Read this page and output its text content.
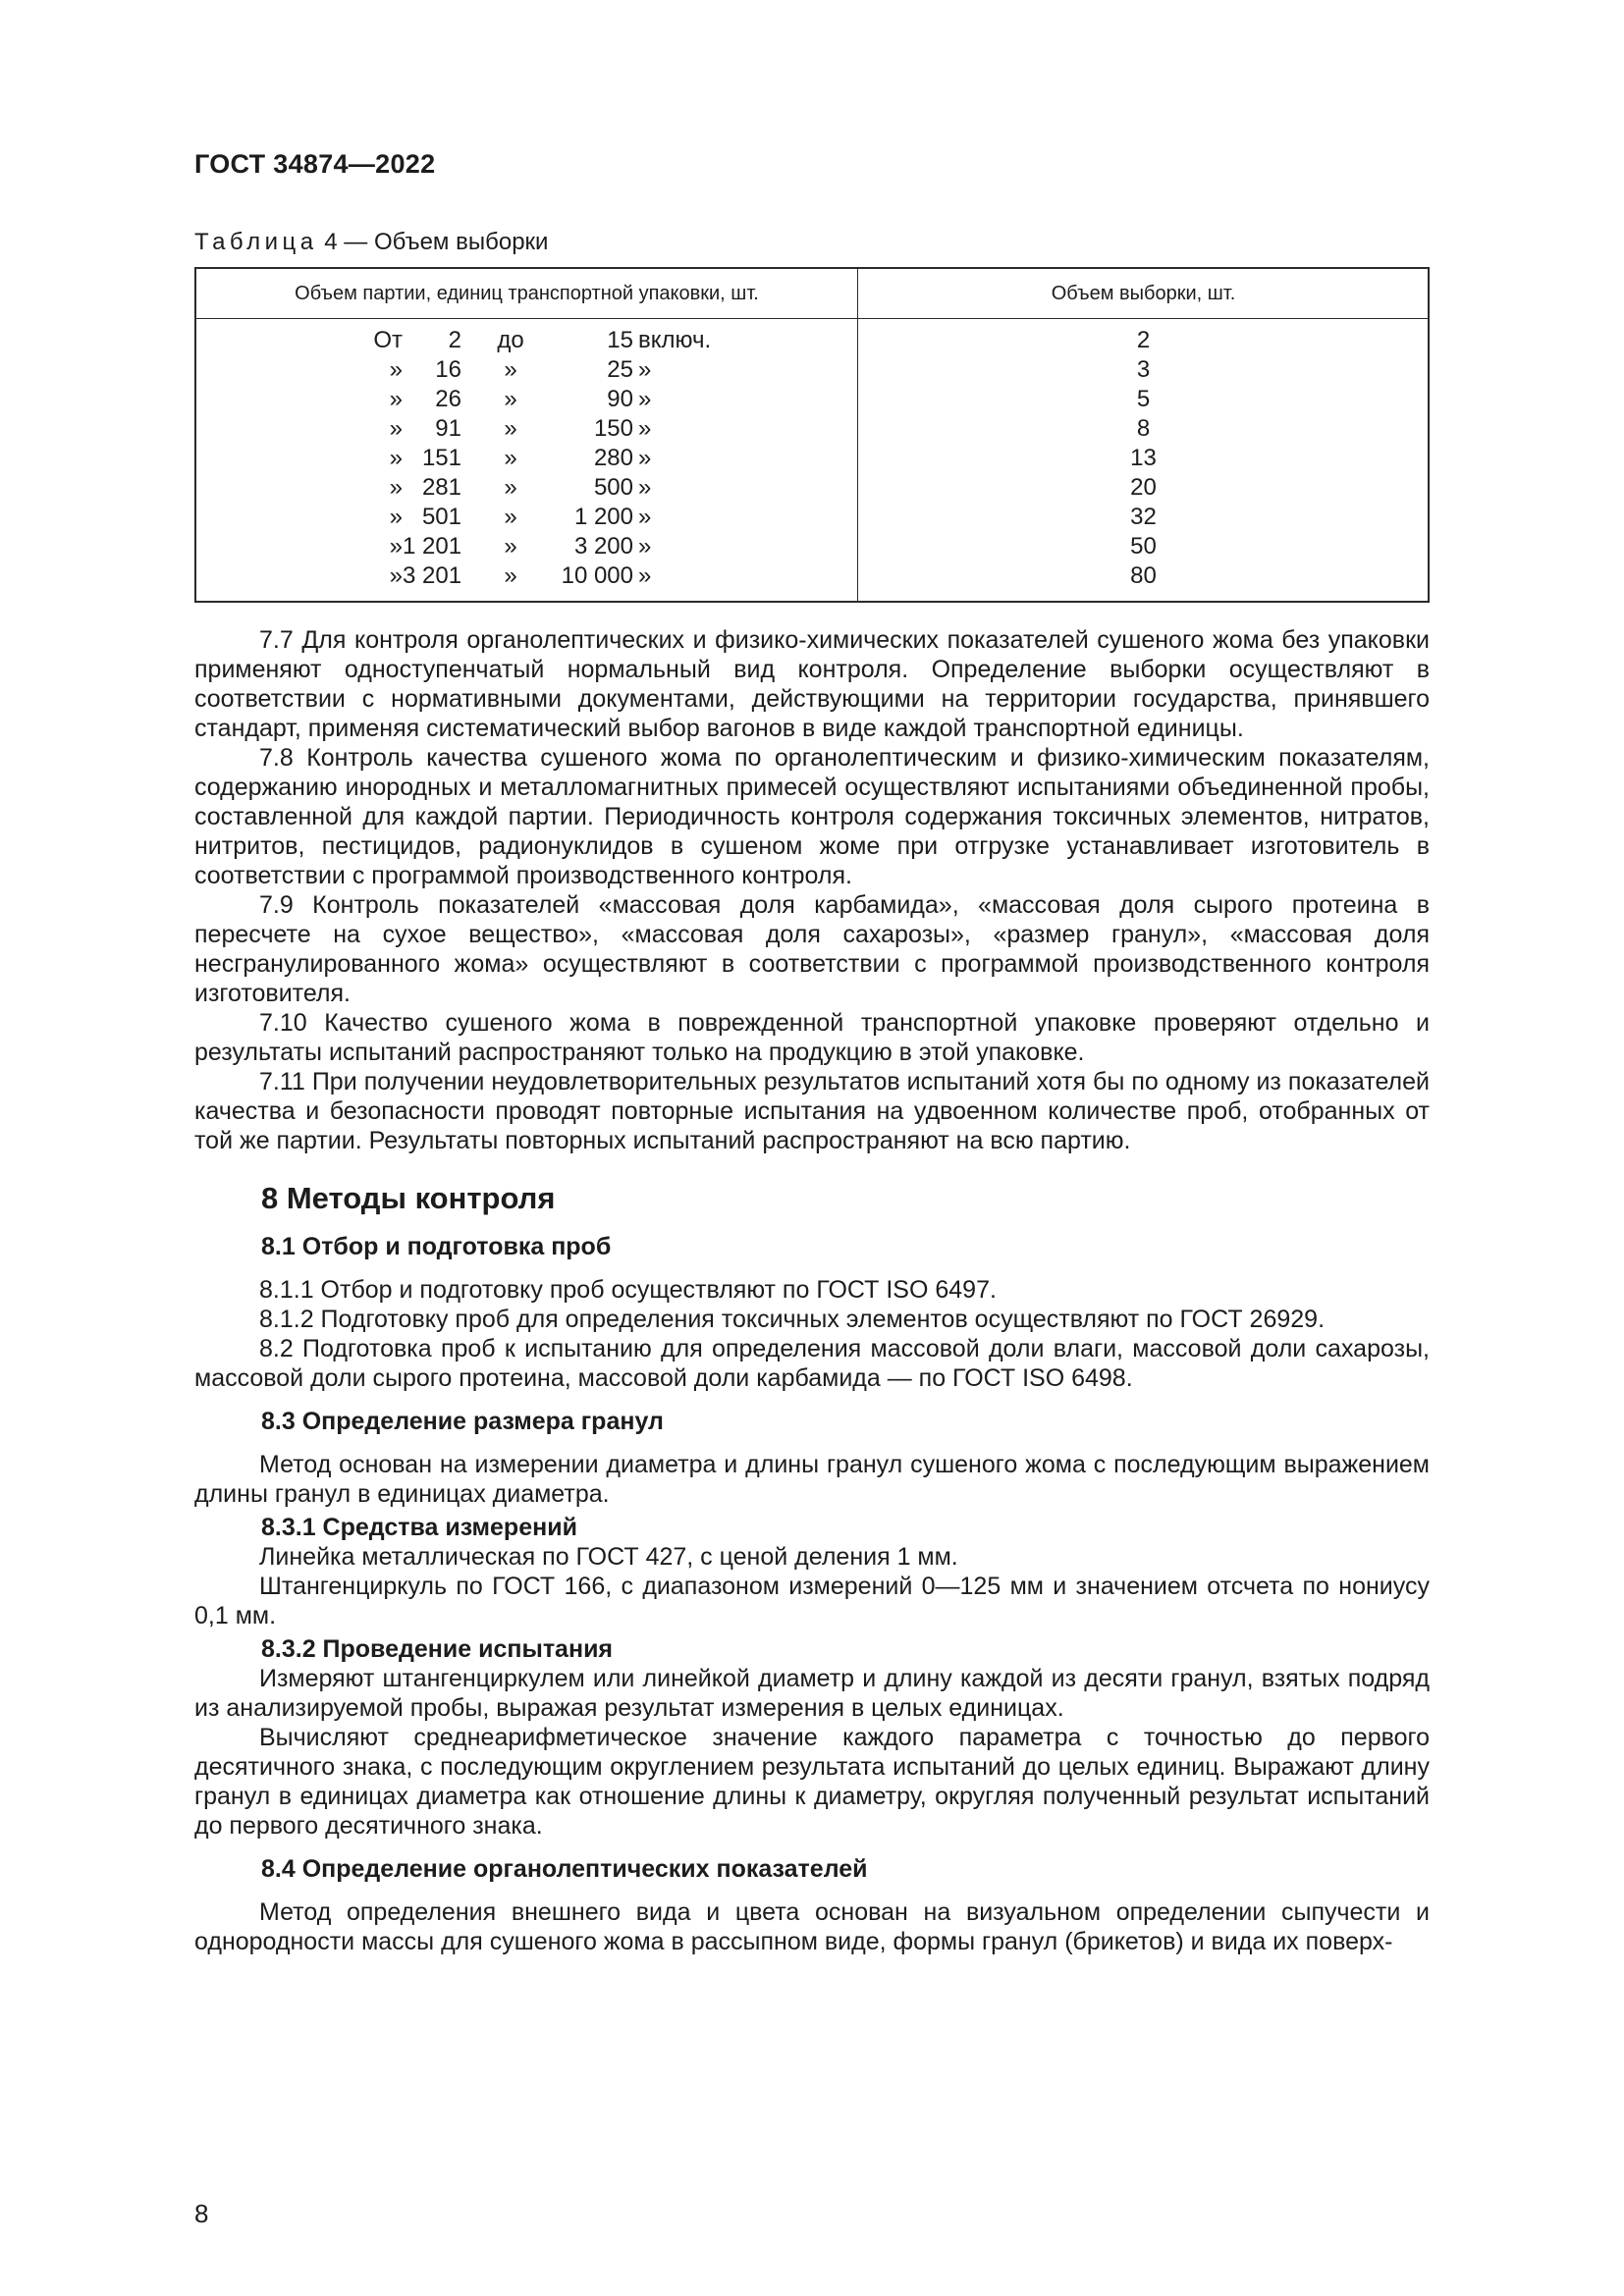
ГОСТ 34874—2022
Таблица 4 — Объем выборки
Объем партии, единиц транспортной упаковки, шт.	Объем выборки, шт.
От	2 до	15 включ.	2
»	16	»	25 »	3
»	26	»	90 »	5
»	91	»	150 »	8
» 151	»	280 »	13
» 281	»	500 »	20
» 501	»	1 200 »	32
» 1 201	»	3 200 »	50
» 3 201	»	10 000 »	80

7.7 Для контроля органолептических и физико-химических показателей сушеного жома без упаковки применяют одноступенчатый нормальный вид контроля. Определение выборки осуществляют в соответствии с нормативными документами, действующими на территории государства, принявшего стандарт, применяя систематический выбор вагонов в виде каждой транспортной единицы.

7.8 Контроль качества сушеного жома по органолептическим и физико-химическим показателям, содержанию инородных и металломагнитных примесей осуществляют испытаниями объединенной пробы, составленной для каждой партии. Периодичность контроля содержания токсичных элементов, нитратов, нитритов, пестицидов, радионуклидов в сушеном жоме при отгрузке устанавливает изготовитель в соответствии с программой производственного контроля.

7.9 Контроль показателей «массовая доля карбамида», «массовая доля сырого протеина в пересчете на сухое вещество», «массовая доля сахарозы», «размер гранул», «массовая доля несгранулированного жома» осуществляют в соответствии с программой производственного контроля изготовителя.

7.10 Качество сушеного жома в поврежденной транспортной упаковке проверяют отдельно и результаты испытаний распространяют только на продукцию в этой упаковке.

7.11 При получении неудовлетворительных результатов испытаний хотя бы по одному из показателей качества и безопасности проводят повторные испытания на удвоенном количестве проб, отобранных от той же партии. Результаты повторных испытаний распространяют на всю партию.

8 Методы контроля
8.1 Отбор и подготовка проб

8.1.1 Отбор и подготовку проб осуществляют по ГОСТ ISO 6497.

8.1.2 Подготовку проб для определения токсичных элементов осуществляют по ГОСТ 26929.

8.2 Подготовка проб к испытанию для определения массовой доли влаги, массовой доли сахарозы, массовой доли сырого протеина, массовой доли карбамида — по ГОСТ ISO 6498.

8.3 Определение размера гранул

Метод основан на измерении диаметра и длины гранул сушеного жома с последующим выражением длины гранул в единицах диаметра.

8.3.1 Средства измерений

Линейка металлическая по ГОСТ 427, с ценой деления 1 мм.

Штангенциркуль по ГОСТ 166, с диапазоном измерений 0—125 мм и значением отсчета по нониусу 0,1 мм.

8.3.2 Проведение испытания

Измеряют штангенциркулем или линейкой диаметр и длину каждой из десяти гранул, взятых подряд из анализируемой пробы, выражая результат измерения в целых единицах.

Вычисляют среднеарифметическое значение каждого параметра с точностью до первого десятичного знака, с последующим округлением результата испытаний до целых единиц. Выражают длину гранул в единицах диаметра как отношение длины к диаметру, округляя полученный результат испытаний до первого десятичного знака.

8.4 Определение органолептических показателей

Метод определения внешнего вида и цвета основан на визуальном определении сыпучести и однородности массы для сушеного жома в рассыпном виде, формы гранул (брикетов) и вида их поверх-

8
